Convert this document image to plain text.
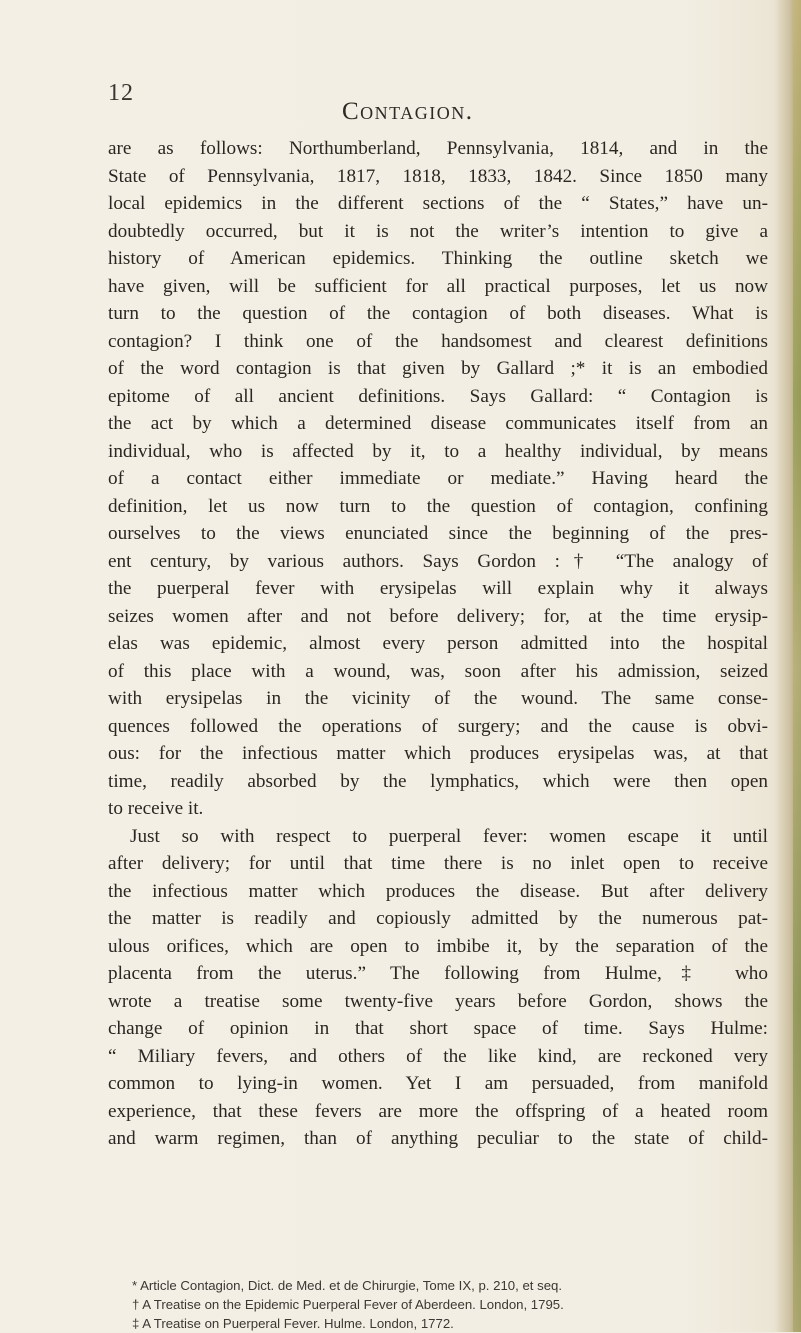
12
Contagion.
are as follows: Northumberland, Pennsylvania, 1814, and in the
State of Pennsylvania, 1817, 1818, 1833, 1842. Since 1850 many
local epidemics in the different sections of the “ States,” have un-
doubtedly occurred, but it is not the writer’s intention to give a
history of American epidemics. Thinking the outline sketch we
have given, will be sufficient for all practical purposes, let us now
turn to the question of the contagion of both diseases. What is
contagion? I think one of the handsomest and clearest definitions
of the word contagion is that given by Gallard ;* it is an embodied
epitome of all ancient definitions. Says Gallard: “ Contagion is
the act by which a determined disease communicates itself from an
individual, who is affected by it, to a healthy individual, by means
of a contact either immediate or mediate.” Having heard the
definition, let us now turn to the question of contagion, confining
ourselves to the views enunciated since the beginning of the pres-
ent century, by various authors. Says Gordon :† “The analogy of
the puerperal fever with erysipelas will explain why it always
seizes women after and not before delivery; for, at the time erysip-
elas was epidemic, almost every person admitted into the hospital
of this place with a wound, was, soon after his admission, seized
with erysipelas in the vicinity of the wound. The same conse-
quences followed the operations of surgery; and the cause is obvi-
ous: for the infectious matter which produces erysipelas was, at that
time, readily absorbed by the lymphatics, which were then open
to receive it.
Just so with respect to puerperal fever: women escape it until
after delivery; for until that time there is no inlet open to receive
the infectious matter which produces the disease. But after delivery
the matter is readily and copiously admitted by the numerous pat-
ulous orifices, which are open to imbibe it, by the separation of the
placenta from the uterus.” The following from Hulme,‡ who
wrote a treatise some twenty-five years before Gordon, shows the
change of opinion in that short space of time. Says Hulme:
“ Miliary fevers, and others of the like kind, are reckoned very
common to lying-in women. Yet I am persuaded, from manifold
experience, that these fevers are more the offspring of a heated room
and warm regimen, than of anything peculiar to the state of child-
* Article Contagion, Dict. de Med. et de Chirurgie, Tome IX, p. 210, et seq.
† A Treatise on the Epidemic Puerperal Fever of Aberdeen. London, 1795.
‡ A Treatise on Puerperal Fever. Hulme. London, 1772.
